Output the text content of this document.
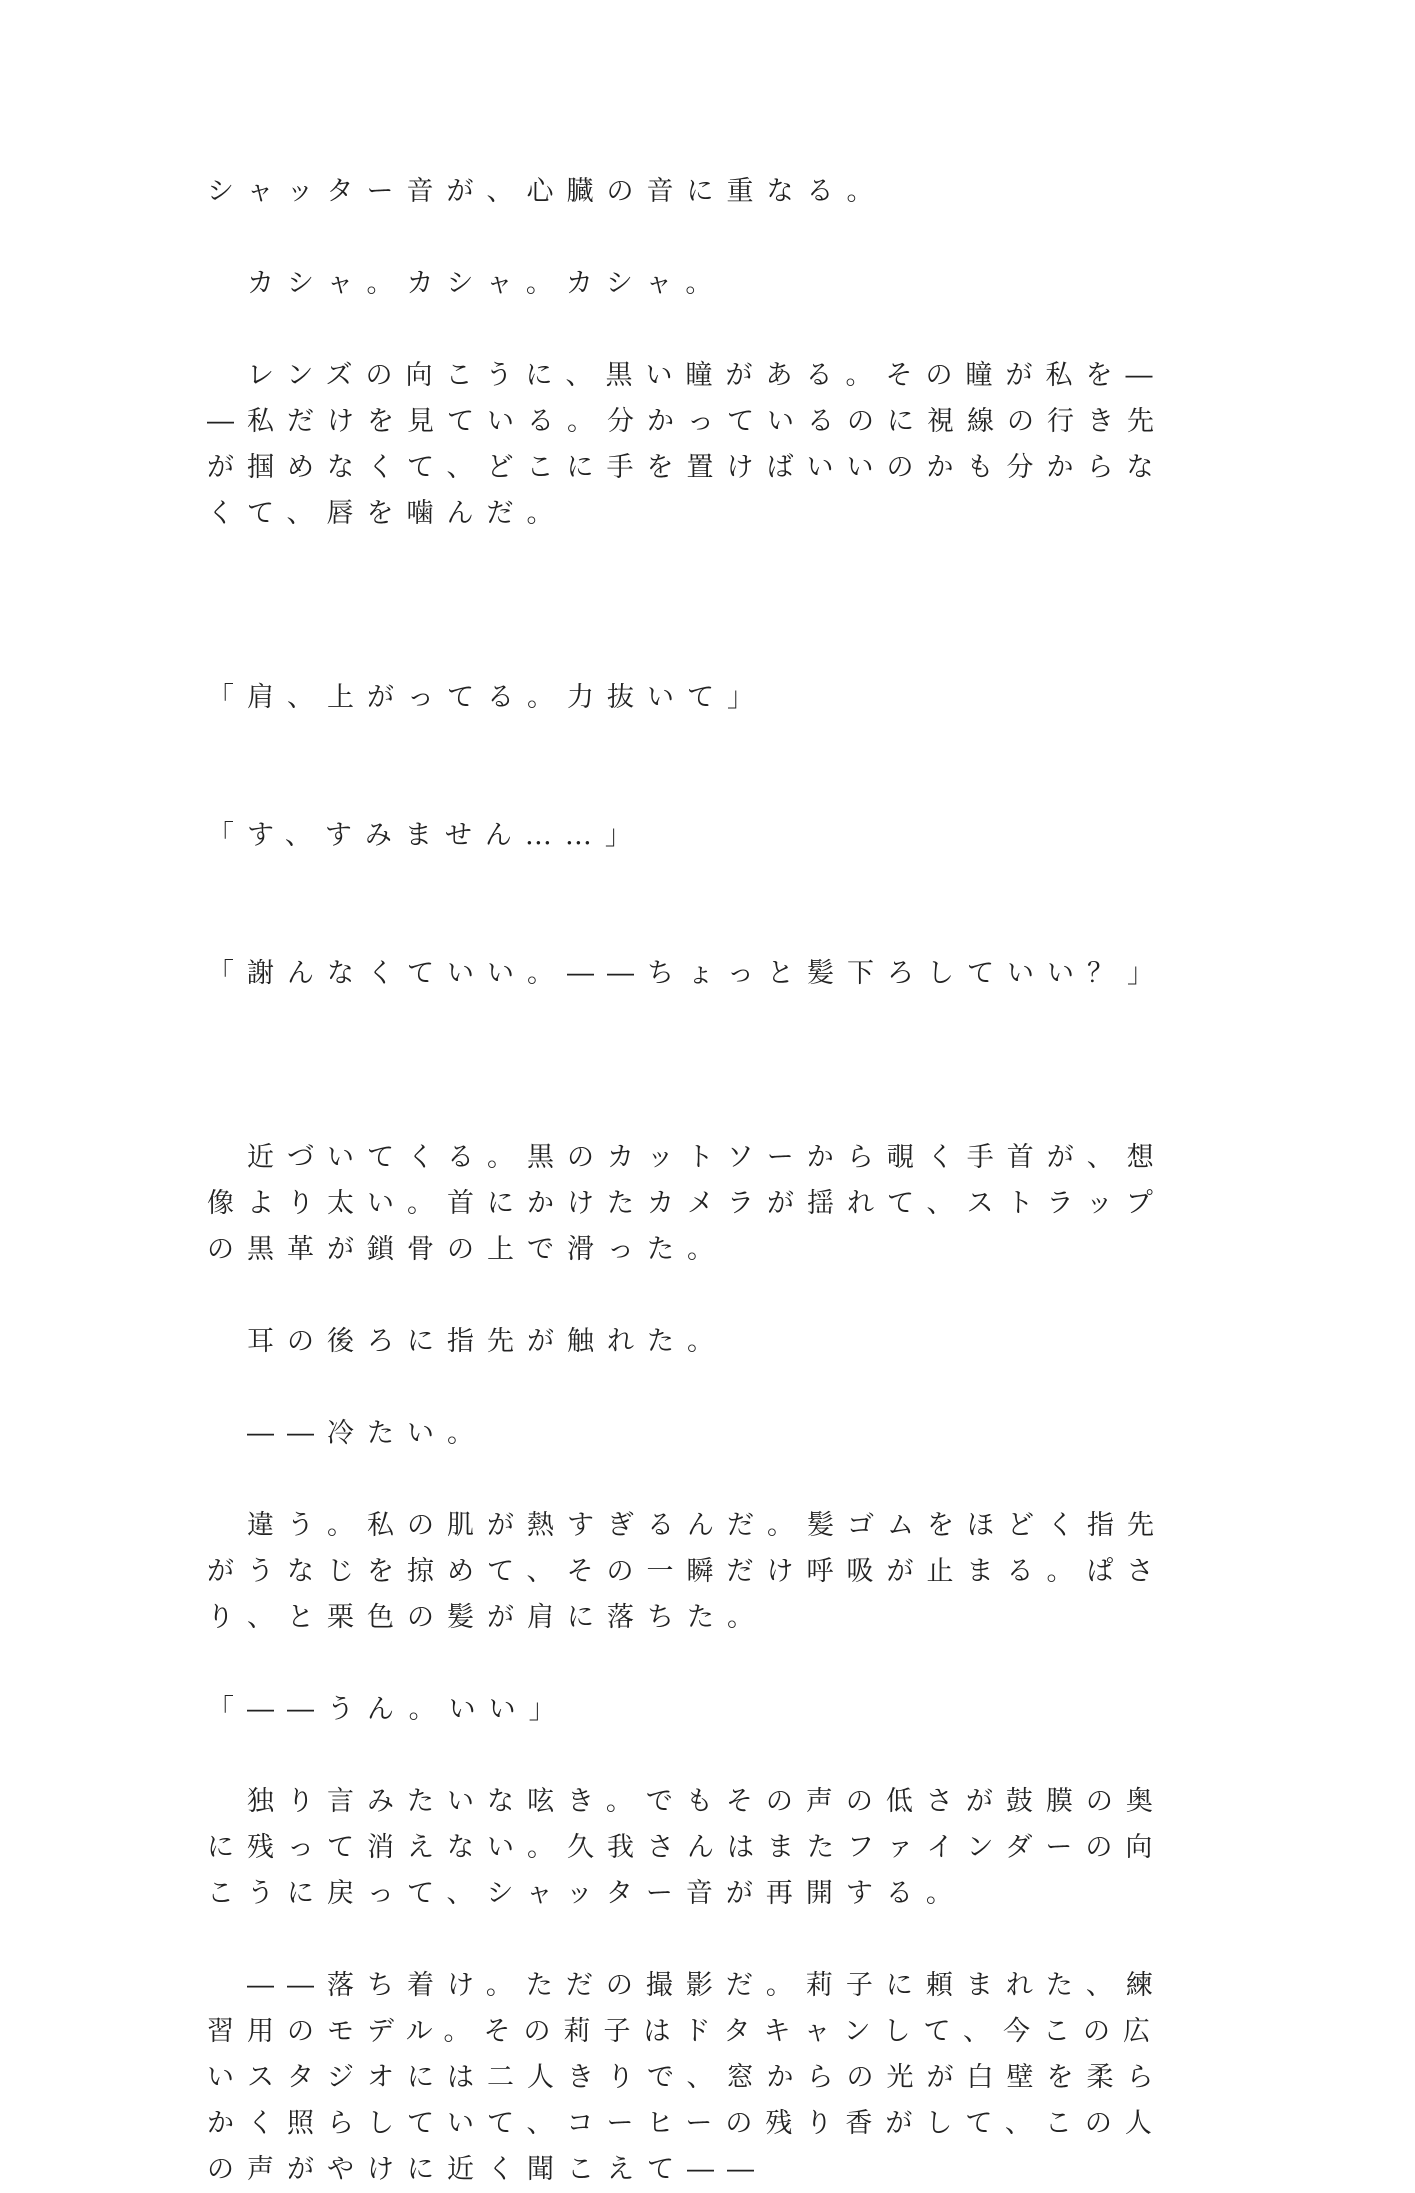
シャッター音が、心臓の音に重なる。

　カシャ。カシャ。カシャ。

　レンズの向こうに、黒い瞳がある。その瞳が私を――私だけを見ている。分かっているのに視線の行き先が掴めなくて、どこに手を置けばいいのかも分からなくて、唇を噛んだ。

「肩、上がってる。力抜いて」

「す、すみません……」

「謝んなくていい。――ちょっと髪下ろしていい？」

　近づいてくる。黒のカットソーから覗く手首が、想像より太い。首にかけたカメラが揺れて、ストラップの黒革が鎖骨の上で滑った。

　耳の後ろに指先が触れた。

　――冷たい。

　違う。私の肌が熱すぎるんだ。髪ゴムをほどく指先がうなじを掠めて、その一瞬だけ呼吸が止まる。ぱさり、と栗色の髪が肩に落ちた。

「――うん。いい」

　独り言みたいな呟き。でもその声の低さが鼓膜の奥に残って消えない。久我さんはまたファインダーの向こうに戻って、シャッター音が再開する。

　――落ち着け。ただの撮影だ。莉子に頼まれた、練習用のモデル。その莉子はドタキャンして、今この広いスタジオには二人きりで、窓からの光が白壁を柔らかく照らしていて、コーヒーの残り香がして、この人の声がやけに近く聞こえて――
